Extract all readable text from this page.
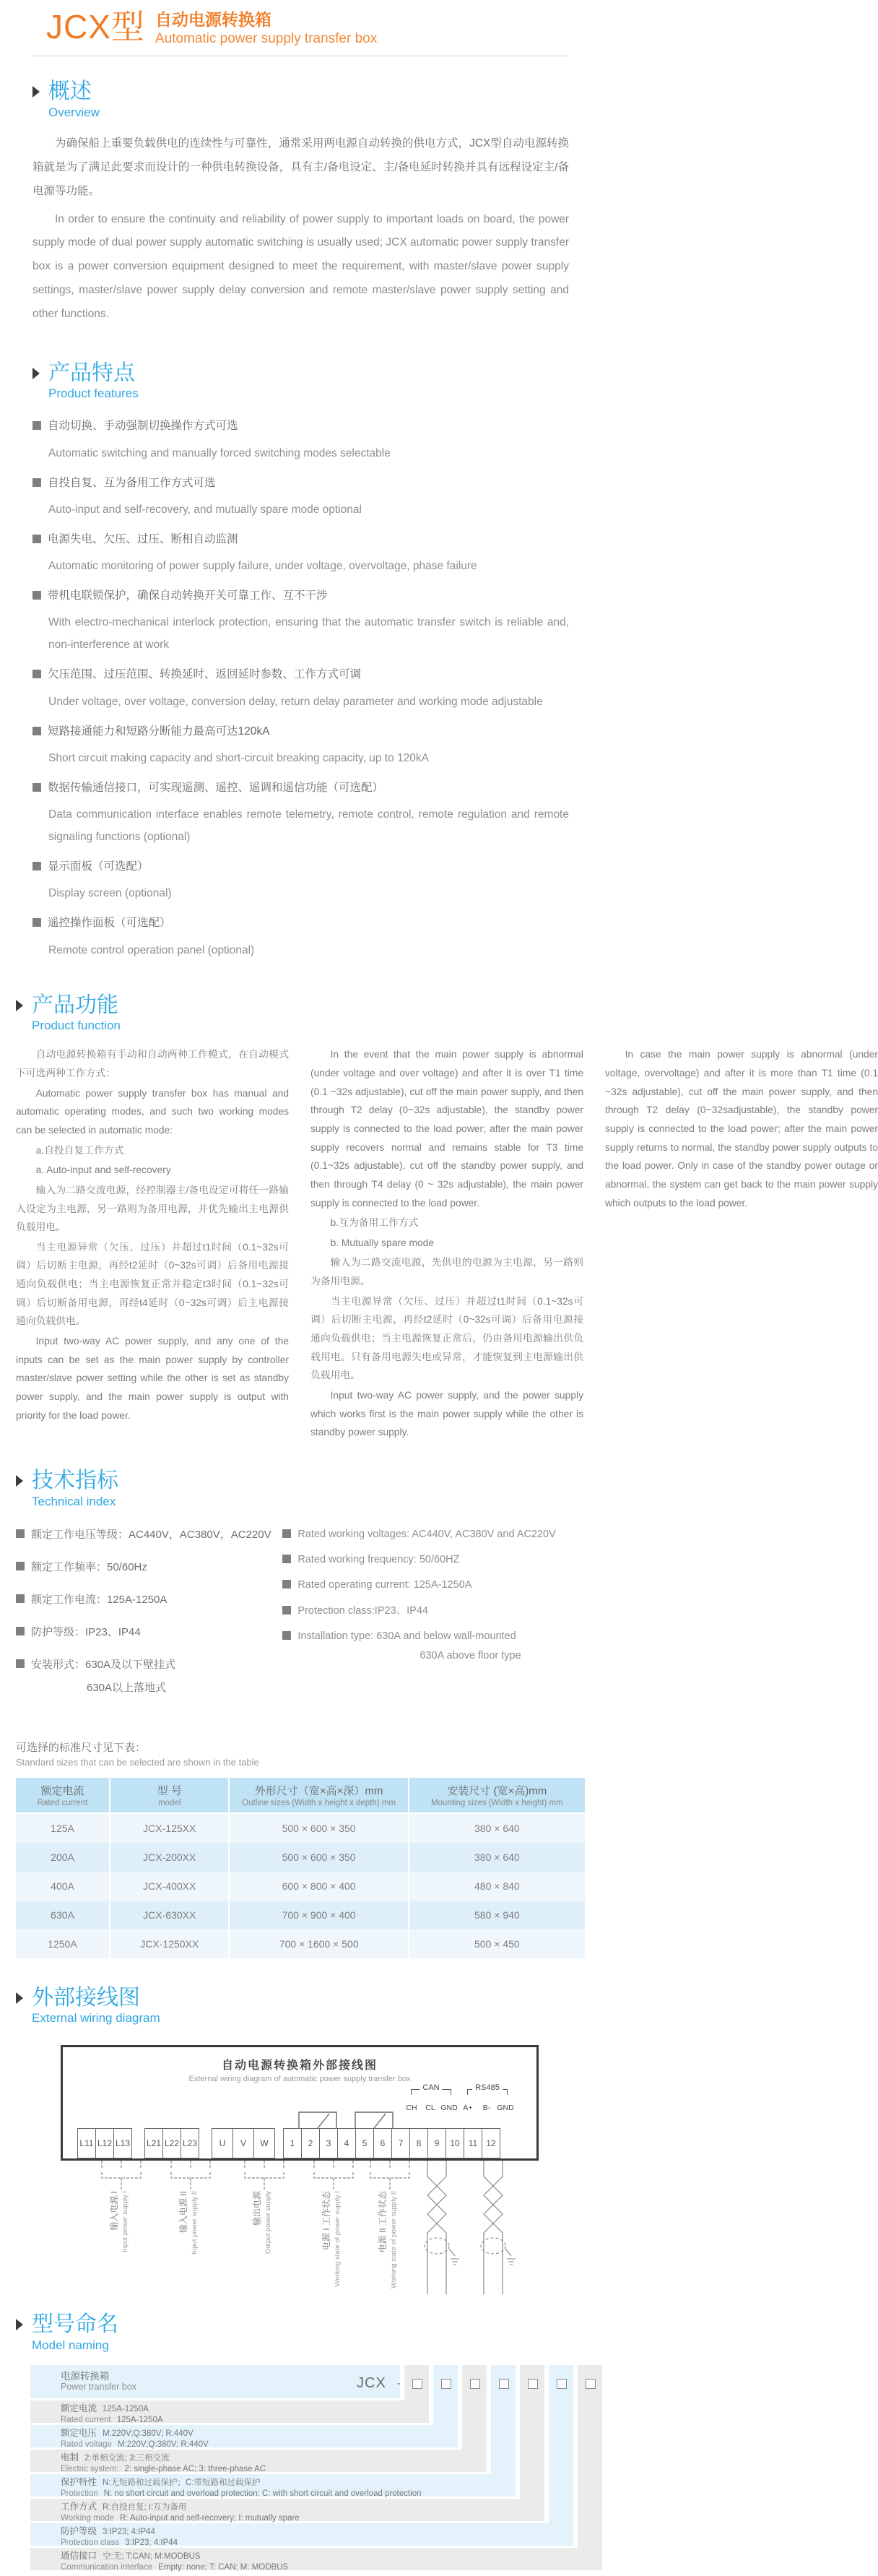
JCX型 自动电源转换箱
Automatic power supply transfer box
概述
Overview

为确保船上重要负载供电的连续性与可靠性，通常采用两电源自动转换的供电方式，JCX型自动电源转换箱就是为了满足此要求而设计的一种供电转换设备，具有主/备电设定、主/备电延时转换并具有远程设定主/备电源等功能。

In order to ensure the continuity and reliability of power supply to important loads on board, the power supply mode of dual power supply automatic switching is usually used; JCX automatic power supply transfer box is a power conversion equipment designed to meet the requirement, with master/slave power supply settings, master/slave power supply delay conversion and remote master/slave power supply setting and other functions.

产品特点
Product features
自动切换、手动强制切换操作方式可选
Automatic switching and manually forced switching modes selectable
自投自复、互为备用工作方式可选
Auto-input and self-recovery, and mutually spare mode optional
电源失电、欠压、过压、断相自动监测
Automatic monitoring of power supply failure, under voltage, overvoltage, phase failure
带机电联锁保护，确保自动转换开关可靠工作、互不干涉
With electro-mechanical interlock protection, ensuring that the automatic transfer switch is reliable and, non-interference at work
欠压范围、过压范围、转换延时、返回延时参数、工作方式可调
Under voltage, over voltage, conversion delay, return delay parameter and working mode adjustable
短路接通能力和短路分断能力最高可达120kA
Short circuit making capacity and short-circuit breaking capacity, up to 120kA
数据传输通信接口，可实现遥测、遥控、遥调和遥信功能（可选配）
Data communication interface enables remote telemetry, remote control, remote regulation and remote signaling functions (optional)
显示面板（可选配）
Display screen (optional)
遥控操作面板（可选配）
Remote control operation panel (optional)
产品功能
Product function

自动电源转换箱有手动和自动两种工作模式，在自动模式下可选两种工作方式：

Automatic power supply transfer box has manual and automatic operating modes, and such two working modes can be selected in automatic mode:

a.自投自复工作方式

a. Auto-input and self-recovery

输入为二路交流电源，经控制器主/备电设定可将任一路输入设定为主电源，另一路则为备用电源，并优先输出主电源供负载用电。

当主电源异常（欠压、过压）并超过t1时间（0.1~32s可调）后切断主电源，再经t2延时（0~32s可调）后备用电源接通向负载供电；当主电源恢复正常并稳定t3时间（0.1~32s可调）后切断备用电源，再经t4延时（0~32s可调）后主电源接通向负载供电。

Input two-way AC power supply, and any one of the inputs can be set as the main power supply by controller master/slave power setting while the other is set as standby power supply, and the main power supply is output with priority for the load power.

In the event that the main power supply is abnormal (under voltage and over voltage) and after it is over T1 time (0.1 ~32s adjustable), cut off the main power supply, and then through T2 delay (0~32s adjustable), the standby power supply is connected to the load power; after the main power supply recovers normal and remains stable for T3 time (0.1~32s adjustable), cut off the standby power supply, and then through T4 delay (0 ~ 32s adjustable), the main power supply is connected to the load power.

b.互为备用工作方式

b. Mutually spare mode

输入为二路交流电源，先供电的电源为主电源，另一路则为备用电源。

当主电源异常（欠压、过压）并超过t1时间（0.1~32s可调）后切断主电源，再经t2延时（0~32s可调）后备用电源接通向负载供电；当主电源恢复正常后，仍由备用电源输出供负载用电。只有备用电源失电或异常，才能恢复到主电源输出供负载用电。

Input two-way AC power supply, and the power supply which works first is the main power supply while the other is standby power supply.

In case the main power supply is abnormal (under voltage, overvoltage) and after it is more than T1 time (0.1 ~32s adjustable), cut off the main power supply, and then through T2 delay (0~32sadjustable), the standby power supply is connected to the load power; after the main power supply returns to normal, the standby power supply outputs to the load power. Only in case of the standby power outage or abnormal, the system can get back to the main power supply which outputs to the load power.

技术指标
Technical index
额定工作电压等级：AC440V，AC380V，AC220V
额定工作频率：50/60Hz
额定工作电流：125A-1250A
防护等级：IP23、IP44
安装形式：630A及以下壁挂式
630A以上落地式
Rated working voltages: AC440V, AC380V and AC220V
Rated working frequency: 50/60HZ
Rated operating current: 125A-1250A
Protection class:IP23、IP44
Installation type: 630A and below wall-mounted
630A above floor type
可选择的标准尺寸见下表：
Standard sizes that can be selected are shown in the table
额定电流
Rated current	型 号
model	外形尺寸（宽×高×深）mm
Outline sizes (Width x height x depth) mm	安装尺寸 (宽×高)mm
Mounting sizes (Width x height) mm

125A	JCX-125XX	500 × 600 × 350	380 × 640
200A	JCX-200XX	500 × 600 × 350	380 × 640
400A	JCX-400XX	600 × 800 × 400	480 × 840
630A	JCX-630XX	700 × 900 × 400	580 × 940
1250A	JCX-1250XX	700 × 1600 × 500	500 × 450
外部接线图
External wiring diagram
自动电源转换箱外部接线图
External wiring diagram of automatic power supply transfer box
CAN
CH	CL GND
RS485
A+	B- GND
L11 L12 L13 L21 L22 L23	U	V	W	1	2	3	4	5	6	7	8	9	10	11	12
输入电源 I Input power supply I	输入电源 II Input power supply II	输出电源 Output power supply	电源 I 工作状态 Working state of power supply I	电源 II 工作状态 Working state of power supply II
型号命名
Model naming
电源转换箱
Power transfer box
额定电流 125A-1250A
Rated current 125A-1250A
额定电压 M:220V;Q:380V; R:440V
Rated voltage M:220V;Q:380V; R:440V
电制 2:单相交流; 3:三相交流
Electric system: 2: single-phase AC; 3: three-phase AC
保护特性 N:无短路和过载保护；C:带短路和过载保护
Protection N: no short circuit and overload protection; C: with short circuit and overload protection
工作方式 R:自投自复; I:互为备用
Working mode R: Auto-input and self-recovery; I: mutually spare
防护等级 3:IP23; 4:IP44
Protection class 3:IP23; 4:IP44
通信接口 空:无; T:CAN; M:MODBUS
Communication interface Empty: none; T: CAN; M: MODBUS
JCX -
